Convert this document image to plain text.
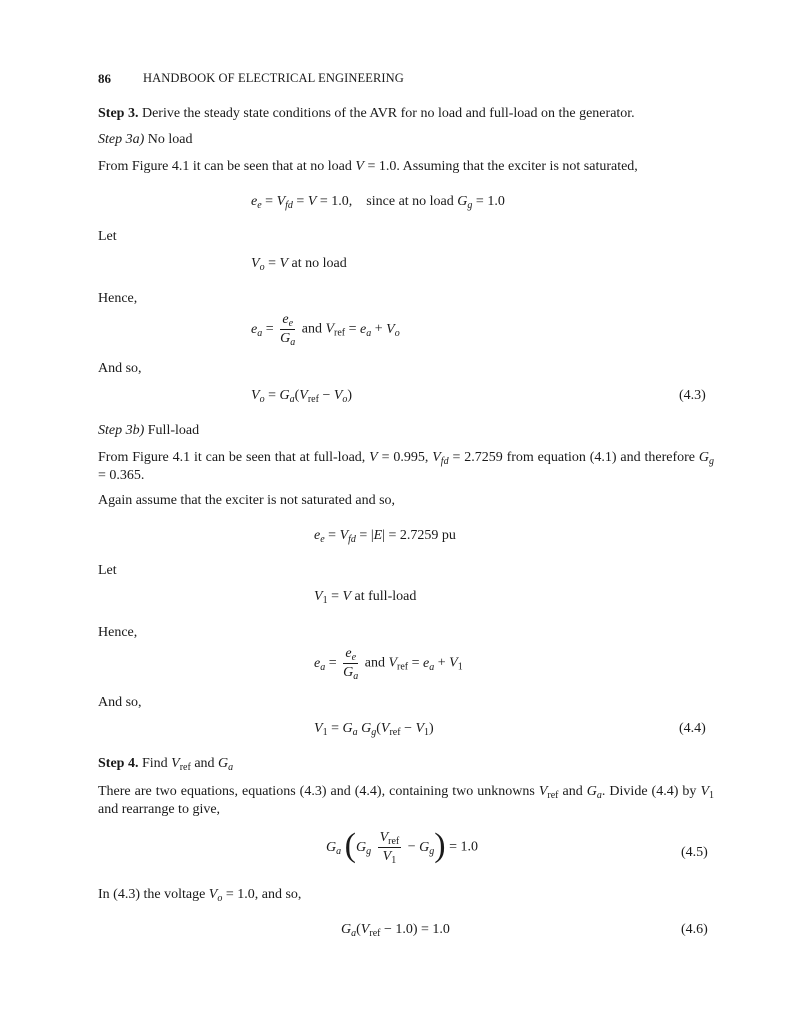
86	HANDBOOK OF ELECTRICAL ENGINEERING
Step 3. Derive the steady state conditions of the AVR for no load and full-load on the generator.
Step 3a) No load
From Figure 4.1 it can be seen that at no load V = 1.0. Assuming that the exciter is not saturated,
$e_e = V_{fd} = V = 1.0$,    since at no load $G_g = 1.0$
Let
$V_o = V$ at no load
Hence,
$e_a = \frac{e_e}{G_a}$ and $V_{ref} = e_a + V_o$
And so,
$V_o = G_a(V_{ref} - V_o)$	(4.3)
Step 3b) Full-load
From Figure 4.1 it can be seen that at full-load, V = 0.995, $V_{fd} = 2.7259$ from equation (4.1) and therefore $G_g = 0.365$.
Again assume that the exciter is not saturated and so,
$e_e = V_{fd} = |E| = 2.7259$ pu
Let
$V_1 = V$ at full-load
Hence,
$e_a = \frac{e_e}{G_a}$ and $V_{ref} = e_a + V_1$
And so,
$V_1 = G_a$ $G_g(V_{ref} - V_1)$	(4.4)
Step 4. Find $V_{ref}$ and $G_a$
There are two equations, equations (4.3) and (4.4), containing two unknowns $V_{ref}$ and $G_a$. Divide (4.4) by $V_1$ and rearrange to give,
$G_a$ $(G_g \frac{V_{ref}}{V_1} - G_g) = 1.0$	(4.5)
In (4.3) the voltage $V_o = 1.0$, and so,
$G_a(V_{ref} - 1.0) = 1.0$	(4.6)
